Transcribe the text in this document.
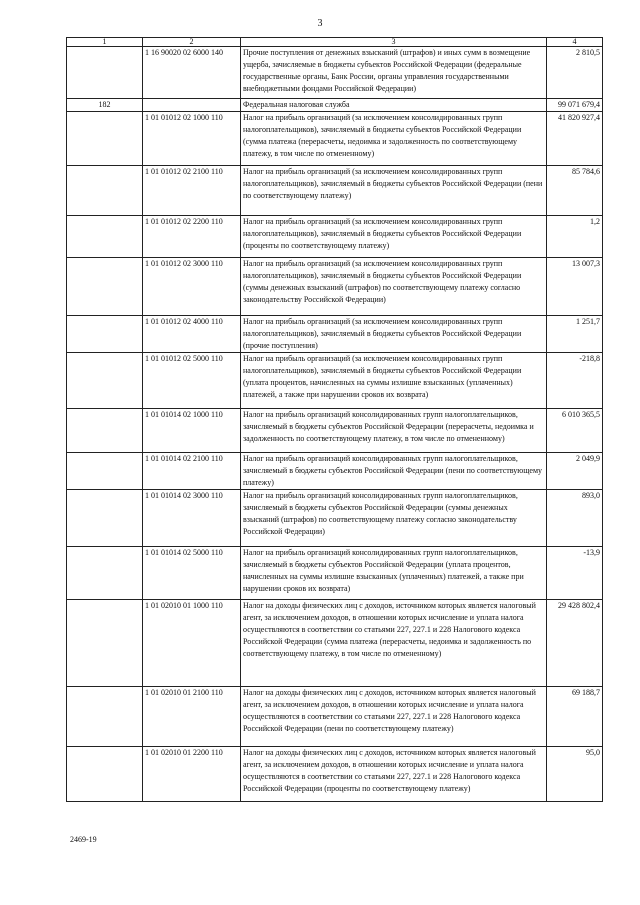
3
1	2	3	4
	1 16 90020 02 6000 140	Прочие поступления от денежных взысканий (штрафов) и иных сумм в возмещение ущерба, зачисляемые в бюджеты субъектов Российской Федерации (федеральные государственные органы, Банк России, органы управления государственными внебюджетными фондами Российской Федерации)	2 810,5
182		Федеральная налоговая служба	99 071 679,4
	1 01 01012 02 1000 110	Налог на прибыль организаций (за исключением консолидированных групп налогоплательщиков), зачисляемый в бюджеты субъектов Российской Федерации (сумма платежа (перерасчеты, недоимка и задолженность по соответствующему платежу, в том числе по отмененному)	41 820 927,4
	1 01 01012 02 2100 110	Налог на прибыль организаций (за исключением консолидированных групп налогоплательщиков), зачисляемый в бюджеты субъектов Российской Федерации (пени по соответствующему платежу)	85 784,6
	1 01 01012 02 2200 110	Налог на прибыль организаций (за исключением консолидированных групп налогоплательщиков), зачисляемый в бюджеты субъектов Российской Федерации (проценты по соответствующему платежу)	1,2
	1 01 01012 02 3000 110	Налог на прибыль организаций (за исключением консолидированных групп налогоплательщиков), зачисляемый в бюджеты субъектов Российской Федерации (суммы денежных взысканий (штрафов) по соответствующему платежу согласно законодательству Российской Федерации)	13 007,3
	1 01 01012 02 4000 110	Налог на прибыль организаций (за исключением консолидированных групп налогоплательщиков), зачисляемый в бюджеты субъектов Российской Федерации (прочие поступления)	1 251,7
	1 01 01012 02 5000 110	Налог на прибыль организаций (за исключением консолидированных групп налогоплательщиков), зачисляемый в бюджеты субъектов Российской Федерации (уплата процентов, начисленных на суммы излишне взысканных (уплаченных) платежей, а также при нарушении сроков их возврата)	-218,8
	1 01 01014 02 1000 110	Налог на прибыль организаций консолидированных групп налогоплательщиков, зачисляемый в бюджеты субъектов Российской Федерации (перерасчеты, недоимка и задолженность по соответствующему платежу, в том числе по отмененному)	6 010 365,5
	1 01 01014 02 2100 110	Налог на прибыль организаций консолидированных групп налогоплательщиков, зачисляемый в бюджеты субъектов Российской Федерации (пени по соответствующему платежу)	2 049,9
	1 01 01014 02 3000 110	Налог на прибыль организаций консолидированных групп налогоплательщиков, зачисляемый в бюджеты субъектов Российской Федерации (суммы денежных взысканий (штрафов) по соответствующему платежу согласно законодательству Российской Федерации)	893,0
	1 01 01014 02 5000 110	Налог на прибыль организаций консолидированных групп налогоплательщиков, зачисляемый в бюджеты субъектов Российской Федерации (уплата процентов, начисленных на суммы излишне взысканных (уплаченных) платежей, а также при нарушении сроков их возврата)	-13,9
	1 01 02010 01 1000 110	Налог на доходы физических лиц с доходов, источником которых является налоговый агент, за исключением доходов, в отношении которых исчисление и уплата налога осуществляются в соответствии со статьями 227, 227.1 и 228 Налогового кодекса Российской Федерации (сумма платежа (перерасчеты, недоимка и задолженность по соответствующему платежу, в том числе по отмененному)	29 428 802,4
	1 01 02010 01 2100 110	Налог на доходы физических лиц с доходов, источником которых является налоговый агент, за исключением доходов, в отношении которых исчисление и уплата налога осуществляются в соответствии со статьями 227, 227.1 и 228 Налогового кодекса Российской Федерации (пени по соответствующему платежу)	69 188,7
	1 01 02010 01 2200 110	Налог на доходы физических лиц с доходов, источником которых является налоговый агент, за исключением доходов, в отношении которых исчисление и уплата налога осуществляются в соответствии со статьями 227, 227.1 и 228 Налогового кодекса Российской Федерации (проценты по соответствующему платежу)	95,0
2469-19
